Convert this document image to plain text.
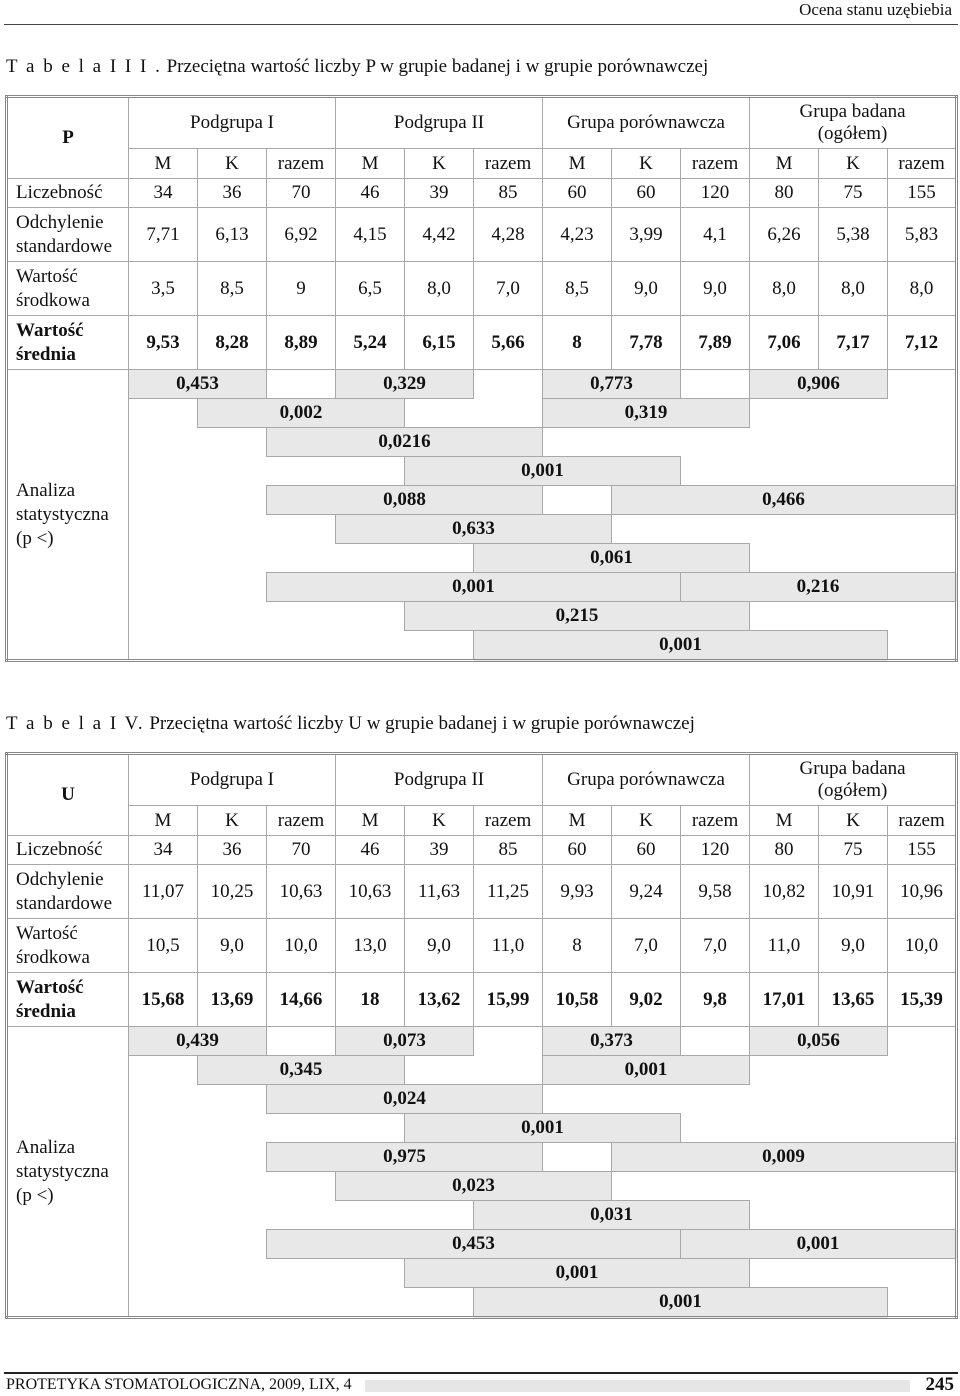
Ocena stanu uzębiebia
T a b e l a I I I . Przeciętna wartość liczby P w grupie badanej i w grupie porównawczej
P	Podgrupa I			Podgrupa II			Grupa porównawcza			Grupa badana (ogółem)		
	M	K	razem	M	K	razem	M	K	razem	M	K	razem
Liczebność	34	36	70	46	39	85	60	60	120	80	75	155
Odchylenie standardowe	7,71	6,13	6,92	4,15	4,42	4,28	4,23	3,99	4,1	6,26	5,38	5,83
Wartość środkowa	3,5	8,5	9	6,5	8,0	7,0	8,5	9,0	9,0	8,0	8,0	8,0
Wartość średnia	9,53	8,28	8,89	5,24	6,15	5,66	8	7,78	7,89	7,06	7,17	7,12
Analiza statystyczna (p <)	0,453			0,329			0,773			0,906		
		0,002					0,319					
			0,0216									
					0,001							
			0,088					0,466				
				0,633								
						0,061						
			0,001						0,216			
					0,215							
						0,001						
T a b e l a I V. Przeciętna wartość liczby U w grupie badanej i w grupie porównawczej
U	Podgrupa I			Podgrupa II			Grupa porównawcza			Grupa badana (ogółem)		
	M	K	razem	M	K	razem	M	K	razem	M	K	razem
Liczebność	34	36	70	46	39	85	60	60	120	80	75	155
Odchylenie standardowe	11,07	10,25	10,63	10,63	11,63	11,25	9,93	9,24	9,58	10,82	10,91	10,96
Wartość środkowa	10,5	9,0	10,0	13,0	9,0	11,0	8	7,0	7,0	11,0	9,0	10,0
Wartość średnia	15,68	13,69	14,66	18	13,62	15,99	10,58	9,02	9,8	17,01	13,65	15,39
Analiza statystyczna (p <)	0,439			0,073			0,373			0,056		
		0,345					0,001					
			0,024									
					0,001							
			0,975					0,009				
				0,023								
						0,031						
			0,453						0,001			
					0,001							
						0,001						
PROTETYKA STOMATOLOGICZNA, 2009, LIX, 4	245
